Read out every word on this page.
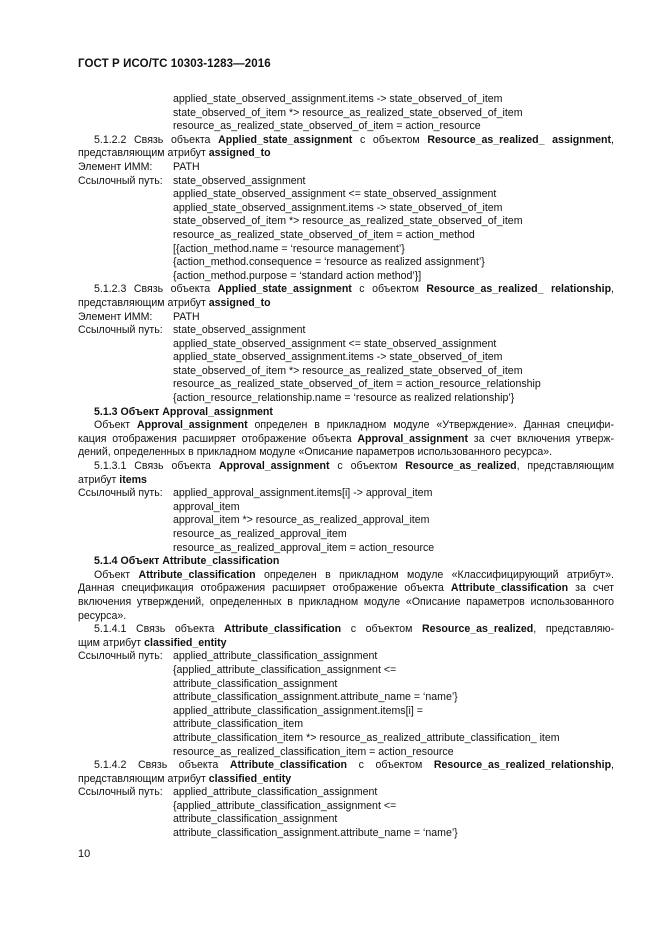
ГОСТ Р ИСО/ТС 10303-1283—2016
applied_state_observed_assignment.items -> state_observed_of_item
state_observed_of_item *> resource_as_realized_state_observed_of_item
resource_as_realized_state_observed_of_item = action_resource
5.1.2.2 Связь объекта Applied_state_assignment с объектом Resource_as_realized_ assignment,
представляющим атрибут assigned_to
Элемент ИММ:	PATH
Ссылочный путь: state_observed_assignment
applied_state_observed_assignment <= state_observed_assignment
applied_state_observed_assignment.items -> state_observed_of_item
state_observed_of_item *> resource_as_realized_state_observed_of_item
resource_as_realized_state_observed_of_item = action_method
[{action_method.name = ‘resource management’}
{action_method.consequence = ‘resource as realized assignment’}
{action_method.purpose = ‘standard action method’}]
5.1.2.3 Связь объекта Applied_state_assignment с объектом Resource_as_realized_ relationship,
представляющим атрибут assigned_to
Элемент ИММ:	PATH
Ссылочный путь: state_observed_assignment
applied_state_observed_assignment <= state_observed_assignment
applied_state_observed_assignment.items -> state_observed_of_item
state_observed_of_item *> resource_as_realized_state_observed_of_item
resource_as_realized_state_observed_of_item = action_resource_relationship
{action_resource_relationship.name = ‘resource as realized relationship’}
5.1.3 Объект Approval_assignment
Объект Approval_assignment определен в прикладном модуле «Утверждение». Данная специфи-
кация отображения расширяет отображение объекта Approval_assignment за счет включения утверж-
дений, определенных в прикладном модуле «Описание параметров использованного ресурса».
5.1.3.1 Связь объекта Approval_assignment с объектом Resource_as_realized, представляющим
атрибут items
Ссылочный путь: applied_approval_assignment.items[i] -> approval_item
approval_item
approval_item *> resource_as_realized_approval_item
resource_as_realized_approval_item
resource_as_realized_approval_item = action_resource
5.1.4 Объект Attribute_classification
Объект Attribute_classification определен в прикладном модуле «Классифицирующий атрибут».
Данная спецификация отображения расширяет отображение объекта Attribute_classification за счет
включения утверждений, определенных в прикладном модуле «Описание параметров использованного
ресурса».
5.1.4.1 Связь объекта Attribute_classification с объектом Resource_as_realized, представляю-
щим атрибут classified_entity
Ссылочный путь: applied_attribute_classification_assignment
{applied_attribute_classification_assignment <=
attribute_classification_assignment
attribute_classification_assignment.attribute_name = ‘name’}
applied_attribute_classification_assignment.items[i] =
attribute_classification_item
attribute_classification_item *> resource_as_realized_attribute_classification_ item
resource_as_realized_classification_item = action_resource
5.1.4.2 Связь объекта Attribute_classification с объектом Resource_as_realized_relationship,
представляющим атрибут classified_entity
Ссылочный путь: applied_attribute_classification_assignment
{applied_attribute_classification_assignment <=
attribute_classification_assignment
attribute_classification_assignment.attribute_name = ‘name’}
10
